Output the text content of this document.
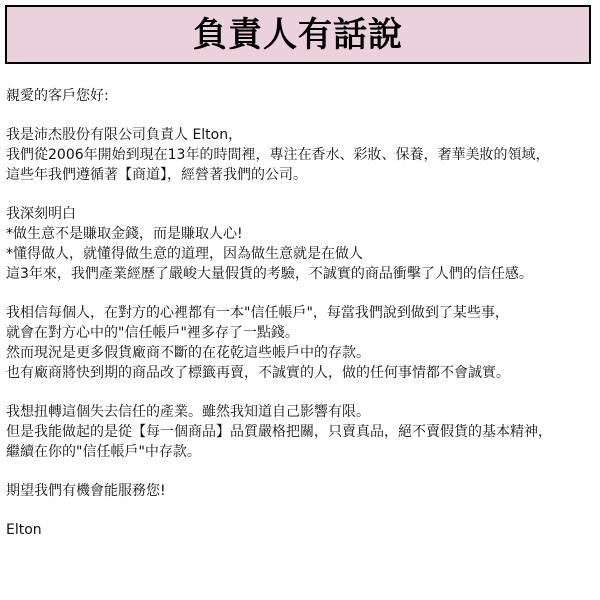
負責人有話說
親愛的客戶您好:
我是沛杰股份有限公司負責人 Elton，
我們從2006年開始到現在13年的時間裡，專注在香水、彩妝、保養，奢華美妝的領域，
這些年我們遵循著【商道】，經營著我們的公司。
我深刻明白
*做生意不是賺取金錢，而是賺取人心!
*懂得做人，就懂得做生意的道理，因為做生意就是在做人
這3年來，我們產業經歷了嚴峻大量假貨的考驗，不誠實的商品衝擊了人們的信任感。
我相信每個人，在對方的心裡都有一本"信任帳戶"，每當我們說到做到了某些事，
就會在對方心中的"信任帳戶"裡多存了一點錢。
然而現況是更多假貨廠商不斷的在花乾這些帳戶中的存款。
也有廠商將快到期的商品改了標籤再賣，不誠實的人，做的任何事情都不會誠實。
我想扭轉這個失去信任的產業。雖然我知道自己影響有限。
但是我能做起的是從【每一個商品】品質嚴格把關，只賣真品，絕不賣假貨的基本精神，
繼續在你的"信任帳戶"中存款。
期望我們有機會能服務您!
Elton
